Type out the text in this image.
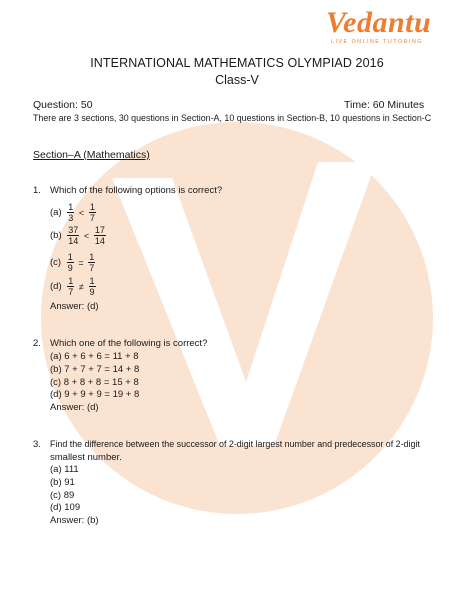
Vedantu
LIVE ONLINE TUTORING
INTERNATIONAL MATHEMATICS OLYMPIAD 2016
Class-V
Question: 50	Time: 60 Minutes
There are 3 sections, 30 questions in Section-A, 10 questions in Section-B, 10 questions in Section-C
Section–A (Mathematics)
1. Which of the following options is correct?
$(a) \frac{1}{3} < \frac{1}{7}$
$(b) \frac{37}{14} < \frac{17}{14}$
$(c) \frac{1}{9} = \frac{1}{7}$
$(d) \frac{1}{7} \ne \frac{1}{9}$
Answer: (d)
2. Which one of the following is correct?
(a) 6 + 6 + 6 = 11 + 8
(b) 7 + 7 + 7 = 14 + 8
(c) 8 + 8 + 8 = 15 + 8
(d) 9 + 9 + 9 = 19 + 8
Answer: (d)
3. Find the difference between the successor of 2-digit largest number and predecessor of 2-digit
smallest number.
(a) 111
(b) 91
(c) 89
(d) 109
Answer: (b)
